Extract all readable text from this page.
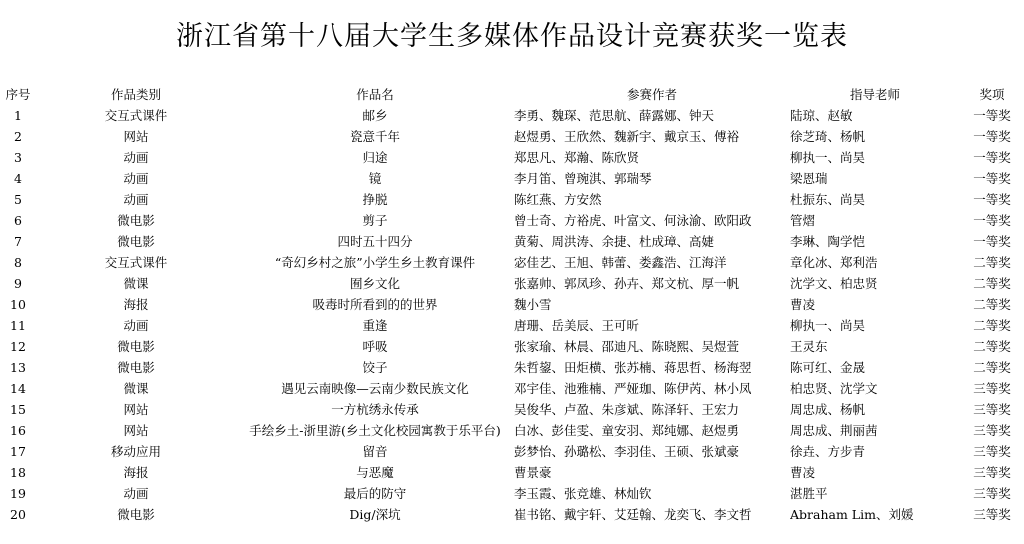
浙江省第十八届大学生多媒体作品设计竞赛获奖一览表
序号	作品类别	作品名	参赛作者	指导老师	奖项
1	交互式课件	邮乡	李勇、魏琛、范思航、薛露娜、钟天	陆琼、赵敏	一等奖
2	网站	瓷意千年	赵煜勇、王欣然、魏新宇、戴京玉、傅裕	徐芝琦、杨帆	一等奖
3	动画	归途	郑思凡、郑瀚、陈欣贤	柳执一、尚昊	一等奖
4	动画	镜	李月笛、曾琬淇、郭瑞琴	梁恩瑞	一等奖
5	动画	挣脱	陈红燕、方安然	杜振东、尚昊	一等奖
6	微电影	剪子	曾士奇、方裕虎、叶富文、何泳渝、欧阳政	管熠	一等奖
7	微电影	四时五十四分	黄菊、周洪涛、余捷、杜成璋、高婕	李琳、陶学恺	一等奖
8	交互式课件	“奇幻乡村之旅”小学生乡土教育课件	宓佳艺、王旭、韩蕾、娄鑫浩、江海洋	章化冰、郑利浩	二等奖
9	微课	囿乡文化	张嘉帅、郭凤珍、孙卉、郑文杭、厚一帆	沈学文、柏忠贤	二等奖
10	海报	吸毒时所看到的的世界	魏小雪	曹凌	二等奖
11	动画	重逢	唐珊、岳美辰、王可昕	柳执一、尚昊	二等奖
12	微电影	呼吸	张家瑜、林晨、邵迪凡、陈晓熙、吴煜萱	王灵东	二等奖
13	微电影	饺子	朱哲鋆、田炬横、张苏楠、蒋思哲、杨海翌	陈可红、金晟	二等奖
14	微课	遇见云南映像—云南少数民族文化	邓宇佳、池雅楠、严娅珈、陈伊芮、林小凤	柏忠贤、沈学文	三等奖
15	网站	一方杭绣永传承	吴俊华、卢盈、朱彦斌、陈泽轩、王宏力	周忠成、杨帆	三等奖
16	网站	手绘乡土-浙里游(乡土文化校园寓教于乐平台)	白冰、彭佳雯、童安羽、郑纯娜、赵煜勇	周忠成、荆丽茜	三等奖
17	移动应用	留音	彭梦怡、孙璐松、李羽佳、王硕、张斌豪	徐垚、方步青	三等奖
18	海报	与恶魔	曹景豪	曹凌	三等奖
19	动画	最后的防守	李玉霞、张竞雄、林灿钦	湛胜平	三等奖
20	微电影	Dig/深坑	崔书铭、戴宇轩、艾廷翰、龙奕飞、李文哲	Abraham Lim、刘媛	三等奖
